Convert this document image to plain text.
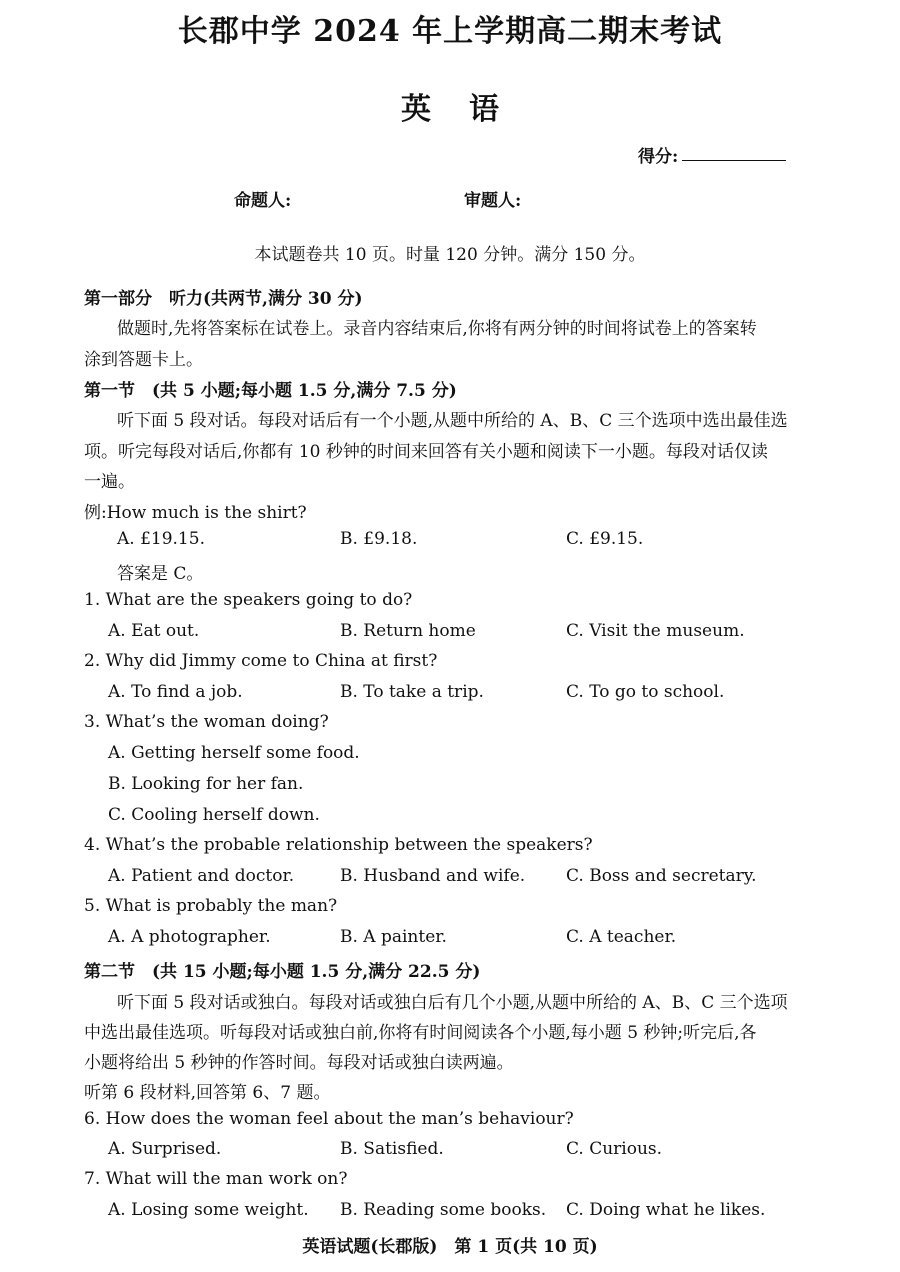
长郡中学 2024 年上学期高二期末考试
英语
得分:
命题人:	审题人:
本试题卷共 10 页。时量 120 分钟。满分 150 分。
第一部分　听力(共两节,满分 30 分)
做题时,先将答案标在试卷上。录音内容结束后,你将有两分钟的时间将试卷上的答案转
涂到答题卡上。
第一节　(共 5 小题;每小题 1.5 分,满分 7.5 分)
听下面 5 段对话。每段对话后有一个小题,从题中所给的 A、B、C 三个选项中选出最佳选
项。听完每段对话后,你都有 10 秒钟的时间来回答有关小题和阅读下一小题。每段对话仅读
一遍。
例:How much is the shirt?
A. £19.15.	B. £9.18.	C. £9.15.
答案是 C。
1. What are the speakers going to do?
A. Eat out.	B. Return home	C. Visit the museum.
2. Why did Jimmy come to China at first?
A. To find a job.	B. To take a trip.	C. To go to school.
3. What’s the woman doing?
A. Getting herself some food.
B. Looking for her fan.
C. Cooling herself down.
4. What’s the probable relationship between the speakers?
A. Patient and doctor.	B. Husband and wife. C. Boss and secretary.
5. What is probably the man?
A. A photographer.	B. A painter.	C. A teacher.
第二节　(共 15 小题;每小题 1.5 分,满分 22.5 分)
听下面 5 段对话或独白。每段对话或独白后有几个小题,从题中所给的 A、B、C 三个选项
中选出最佳选项。听每段对话或独白前,你将有时间阅读各个小题,每小题 5 秒钟;听完后,各
小题将给出 5 秒钟的作答时间。每段对话或独白读两遍。
听第 6 段材料,回答第 6、7 题。
6. How does the woman feel about the man’s behaviour?
A. Surprised.	B. Satisfied.	C. Curious.
7. What will the man work on?
A. Losing some weight. B. Reading some books. C. Doing what he likes.
英语试题(长郡版)　第 1 页(共 10 页)
